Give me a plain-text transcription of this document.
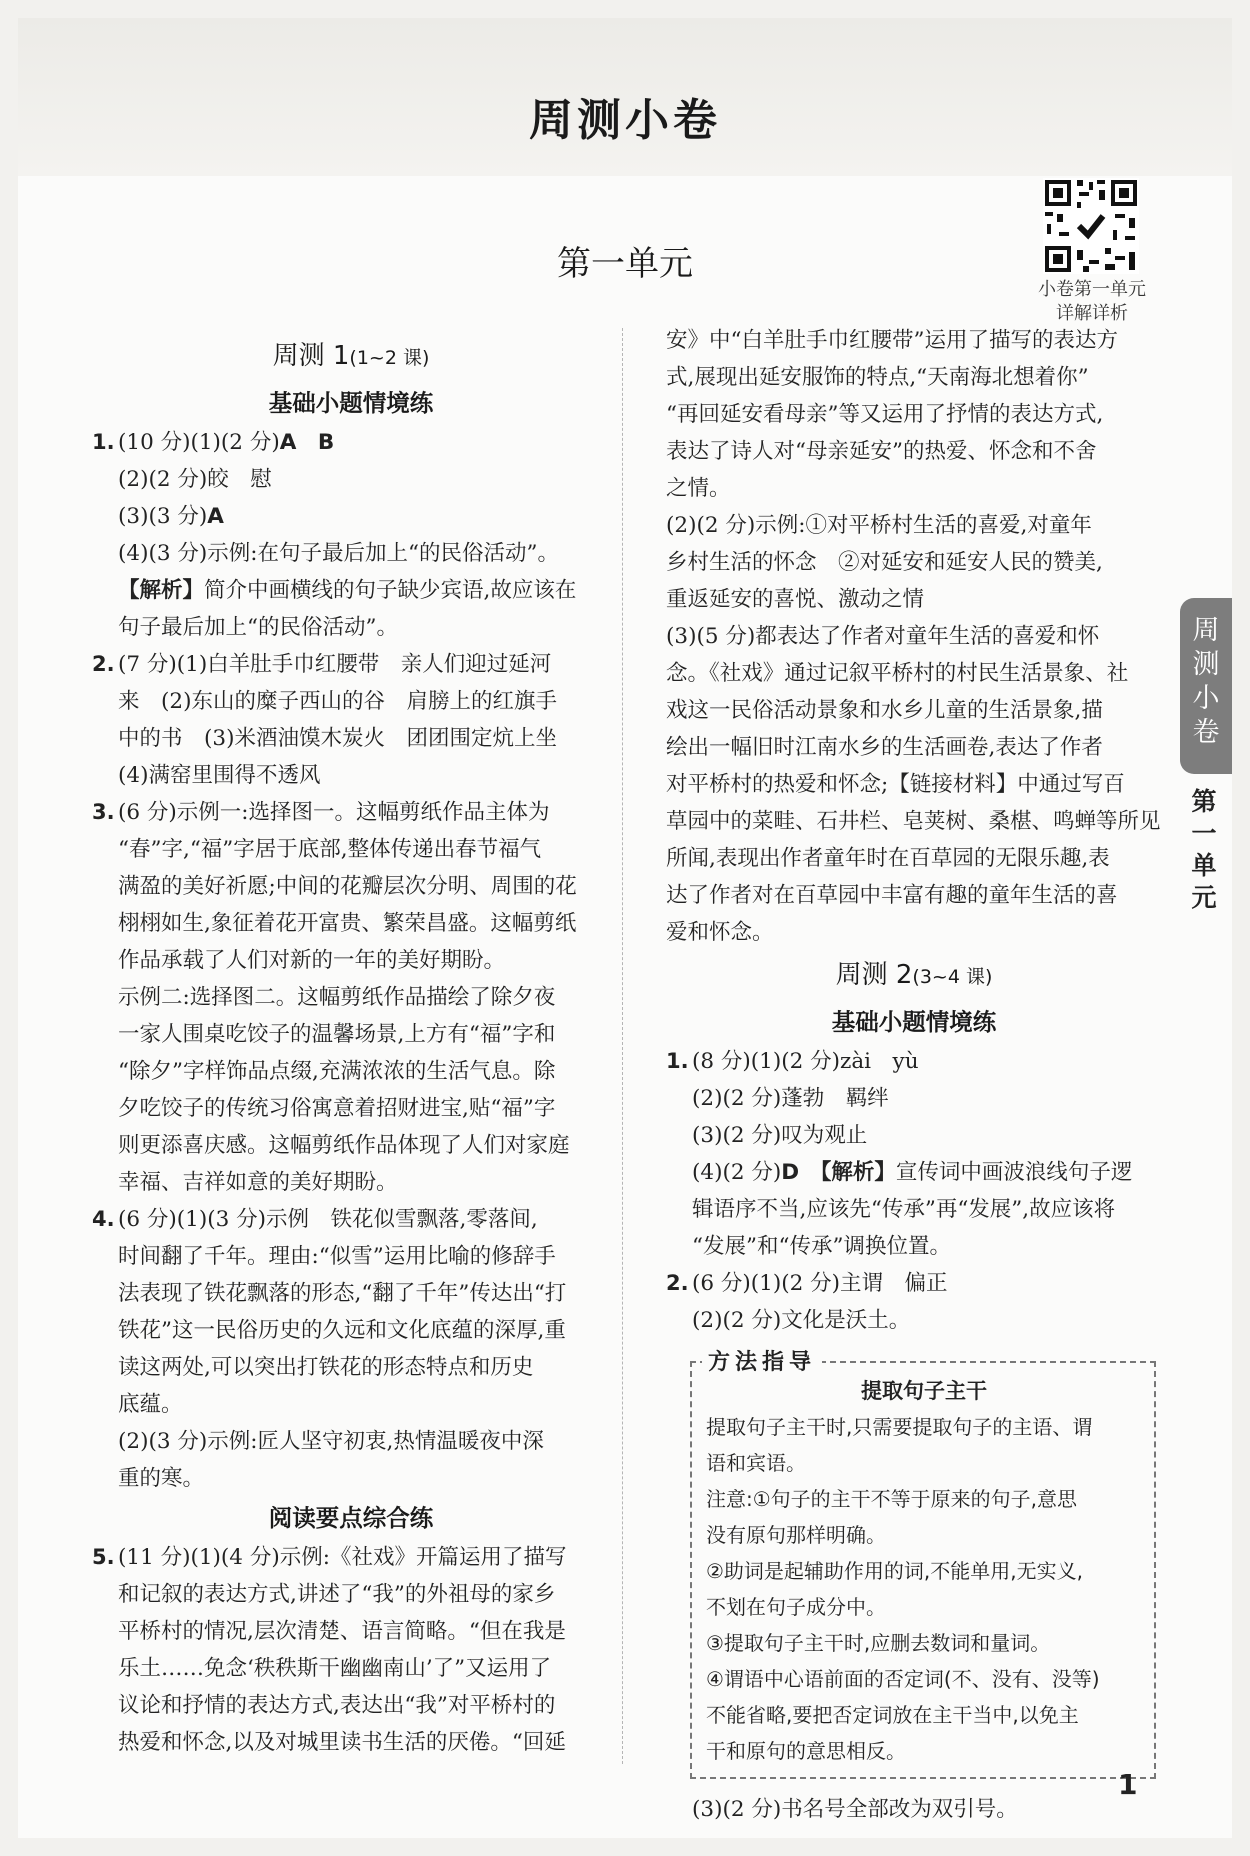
周测小卷
第一单元
小卷第一单元
详解详析

周测 1(1~2 课)

基础小题情境练

1. (10 分)(1)(2 分)A　B

(2)(2 分)皎　慰

(3)(3 分)A

(4)(3 分)示例:在句子最后加上“的民俗活动”。

【解析】简介中画横线的句子缺少宾语,故应该在

句子最后加上“的民俗活动”。

2. (7 分)(1)白羊肚手巾红腰带　亲人们迎过延河

来　(2)东山的糜子西山的谷　肩膀上的红旗手

中的书　(3)米酒油馍木炭火　团团围定炕上坐

(4)满窑里围得不透风

3. (6 分)示例一:选择图一。这幅剪纸作品主体为

“春”字,“福”字居于底部,整体传递出春节福气

满盈的美好祈愿;中间的花瓣层次分明、周围的花

栩栩如生,象征着花开富贵、繁荣昌盛。这幅剪纸

作品承载了人们对新的一年的美好期盼。

示例二:选择图二。这幅剪纸作品描绘了除夕夜

一家人围桌吃饺子的温馨场景,上方有“福”字和

“除夕”字样饰品点缀,充满浓浓的生活气息。除

夕吃饺子的传统习俗寓意着招财进宝,贴“福”字

则更添喜庆感。这幅剪纸作品体现了人们对家庭

幸福、吉祥如意的美好期盼。

4. (6 分)(1)(3 分)示例　铁花似雪飘落,零落间,

时间翻了千年。理由:“似雪”运用比喻的修辞手

法表现了铁花飘落的形态,“翻了千年”传达出“打

铁花”这一民俗历史的久远和文化底蕴的深厚,重

读这两处,可以突出打铁花的形态特点和历史

底蕴。

(2)(3 分)示例:匠人坚守初衷,热情温暖夜中深

重的寒。

阅读要点综合练

5. (11 分)(1)(4 分)示例:《社戏》开篇运用了描写

和记叙的表达方式,讲述了“我”的外祖母的家乡

平桥村的情况,层次清楚、语言简略。“但在我是

乐土……免念‘秩秩斯干幽幽南山’了”又运用了

议论和抒情的表达方式,表达出“我”对平桥村的

热爱和怀念,以及对城里读书生活的厌倦。“回延

安》中“白羊肚手巾红腰带”运用了描写的表达方

式,展现出延安服饰的特点,“天南海北想着你”

“再回延安看母亲”等又运用了抒情的表达方式,

表达了诗人对“母亲延安”的热爱、怀念和不舍

之情。

(2)(2 分)示例:①对平桥村生活的喜爱,对童年

乡村生活的怀念　②对延安和延安人民的赞美,

重返延安的喜悦、激动之情

(3)(5 分)都表达了作者对童年生活的喜爱和怀

念。《社戏》通过记叙平桥村的村民生活景象、社

戏这一民俗活动景象和水乡儿童的生活景象,描

绘出一幅旧时江南水乡的生活画卷,表达了作者

对平桥村的热爱和怀念;【链接材料】中通过写百

草园中的菜畦、石井栏、皂荚树、桑椹、鸣蝉等所见

所闻,表现出作者童年时在百草园的无限乐趣,表

达了作者对在百草园中丰富有趣的童年生活的喜

爱和怀念。

周测 2(3~4 课)

基础小题情境练

1. (8 分)(1)(2 分)zài　yù

(2)(2 分)蓬勃　羁绊

(3)(2 分)叹为观止

(4)(2 分)D　 【解析】宣传词中画波浪线句子逻

辑语序不当,应该先“传承”再“发展”,故应该将

“发展”和“传承”调换位置。

2. (6 分)(1)(2 分)主谓　偏正

(2)(2 分)文化是沃土。

方法指导

提取句子主干

提取句子主干时,只需要提取句子的主语、谓

语和宾语。

注意:①句子的主干不等于原来的句子,意思

没有原句那样明确。

②助词是起辅助作用的词,不能单用,无实义,

不划在句子成分中。

③提取句子主干时,应删去数词和量词。

④谓语中心语前面的否定词(不、没有、没等)

不能省略,要把否定词放在主干当中,以免主

干和原句的意思相反。

(3)(2 分)书名号全部改为双引号。

周测小卷
第一单元
1
